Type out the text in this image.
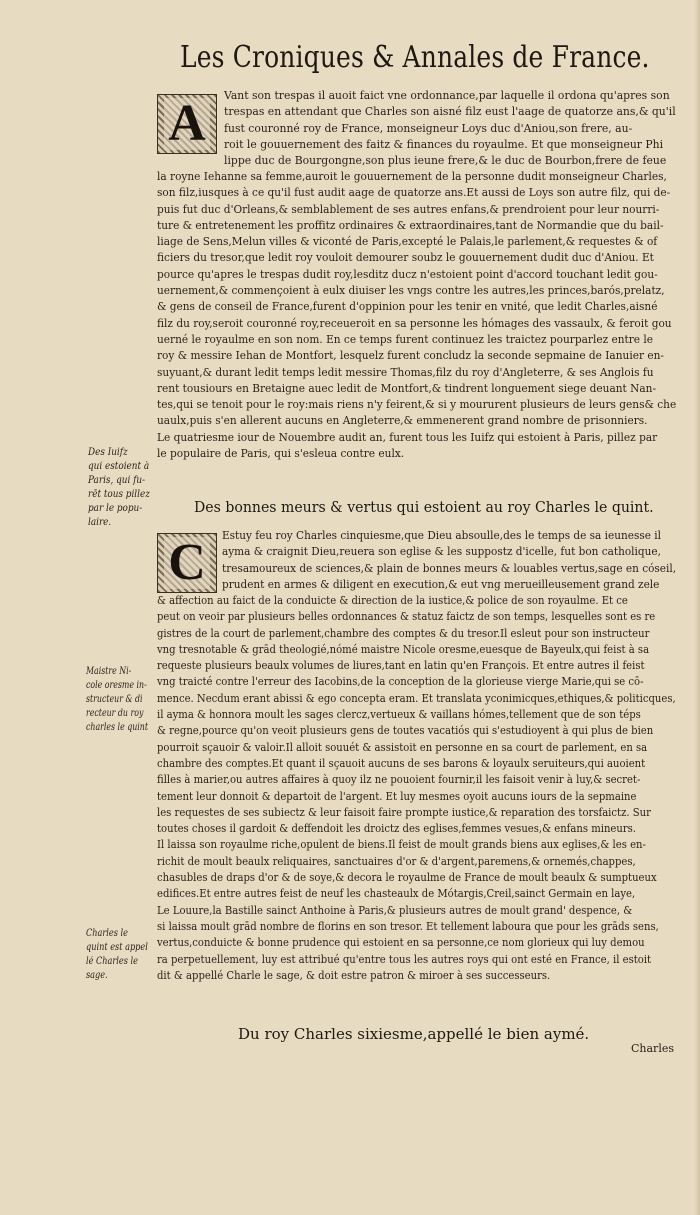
Les Croniques & Annales de France.
A	Vant son trespas il auoit faict vne ordonnance,par laquelle il ordona qu'apres son
trespas en attendant que Charles son aisné filz eust l'aage de quatorze ans,& qu'il
fust couronné roy de France, monseigneur Loys duc d'Aniou,son frere, au-
roit le gouuernement des faitz & finances du royaulme. Et que monseigneur Phi
lippe duc de Bourgongne,son plus ieune frere,& le duc de Bourbon,frere de feue
la royne Iehanne sa femme,auroit le gouuernement de la personne dudit monseigneur Charles,
son filz,iusques à ce qu'il fust audit aage de quatorze ans.Et aussi de Loys son autre filz, qui de-
puis fut duc d'Orleans,& semblablement de ses autres enfans,& prendroient pour leur nourri-
ture & entretenement les proffitz ordinaires & extraordinaires,tant de Normandie que du bail-
liage de Sens,Melun villes & viconté de Paris,excepté le Palais,le parlement,& requestes & of
ficiers du tresor,que ledit roy vouloit demourer soubz le gouuernement dudit duc d'Aniou. Et
pource qu'apres le trespas dudit roy,lesditz ducz n'estoient point d'accord touchant ledit gou-
uernement,& commençoient à eulx diuiser les vngs contre les autres,les princes,barós,prelatz,
& gens de conseil de France,furent d'oppinion pour les tenir en vnité, que ledit Charles,aisné
filz du roy,seroit couronné roy,receueroit en sa personne les hómages des vassaulx, & feroit gou
uerné le royaulme en son nom. En ce temps furent continuez les traictez pourparlez entre le
roy & messire Iehan de Montfort, lesquelz furent concludz la seconde sepmaine de Ianuier en-
suyuant,& durant ledit temps ledit messire Thomas,filz du roy d'Angleterre, & ses Anglois fu
rent tousiours en Bretaigne auec ledit de Montfort,& tindrent longuement siege deuant Nan-
tes,qui se tenoit pour le roy:mais riens n'y feirent,& si y moururent plusieurs de leurs gens& che
uaulx,puis s'en allerent aucuns en Angleterre,& emmenerent grand nombre de prisonniers.
Le quatriesme iour de Nouembre audit an, furent tous les Iuifz qui estoient à Paris, pillez par
le populaire de Paris, qui s'esleua contre eulx.
Des bonnes meurs & vertus qui estoient au roy Charles le quint.
C	Estuy feu roy Charles cinquiesme,que Dieu absoulle,des le temps de sa ieunesse il
ayma & craignit Dieu,reuera son eglise & les suppostz d'icelle, fut bon catholique,
tresamoureux de sciences,& plain de bonnes meurs & louables vertus,sage en cóseil,
prudent en armes & diligent en execution,& eut vng merueilleusement grand zele
& affection au faict de la conduicte & direction de la iustice,& police de son royaulme. Et ce
peut on veoir par plusieurs belles ordonnances & statuz faictz de son temps, lesquelles sont es re
gistres de la court de parlement,chambre des comptes & du tresor.Il esleut pour son instructeur
vng tresnotable & grād theologié,nómé maistre Nicole oresme,euesque de Bayeulx,qui feist à sa
requeste plusieurs beaulx volumes de liures,tant en latin qu'en François. Et entre autres il feist
vng traicté contre l'erreur des Iacobins,de la conception de la glorieuse vierge Marie,qui se cō-
mence. Necdum erant abissi & ego concepta eram. Et translata yconimicques,ethiques,& politicques,
il ayma & honnora moult les sages clercz,vertueux & vaillans hómes,tellement que de son téps
& regne,pource qu'on veoit plusieurs gens de toutes vacatiós qui s'estudioyent à qui plus de bien
pourroit sçauoir & valoir.Il alloit souuét & assistoit en personne en sa court de parlement, en sa
chambre des comptes.Et quant il sçauoit aucuns de ses barons & loyaulx seruiteurs,qui auoient
filles à marier,ou autres affaires à quoy ilz ne pouoient fournir,il les faisoit venir à luy,& secret-
tement leur donnoit & departoit de l'argent. Et luy mesmes oyoit aucuns iours de la sepmaine
les requestes de ses subiectz & leur faisoit faire prompte iustice,& reparation des torsfaictz. Sur
toutes choses il gardoit & deffendoit les droictz des eglises,femmes vesues,& enfans mineurs.
Il laissa son royaulme riche,opulent de biens.Il feist de moult grands biens aux eglises,& les en-
richit de moult beaulx reliquaires, sanctuaires d'or & d'argent,paremens,& ornemés,chappes,
chasubles de draps d'or & de soye,& decora le royaulme de France de moult beaulx & sumptueux
edifices.Et entre autres feist de neuf les chasteaulx de Mótargis,Creil,sainct Germain en laye,
Le Louure,la Bastille sainct Anthoine à Paris,& plusieurs autres de moult grand' despence, &
si laissa moult grād nombre de florins en son tresor. Et tellement laboura que pour les grāds sens,
vertus,conduicte & bonne prudence qui estoient en sa personne,ce nom glorieux qui luy demou
ra perpetuellement, luy est attribué qu'entre tous les autres roys qui ont esté en France, il estoit
dit & appellé Charle le sage, & doit estre patron & miroer à ses successeurs.
Du roy Charles sixiesme,appellé le bien aymé.
Charles
Des Iuifz
qui estoient à
Paris, qui fu-
rēt tous pillez
par le popu-
laire.
Maistre Ni-
cole oresme in-
structeur & di
recteur du roy
charles le quint
Charles le
quint est appel
lé Charles le
sage.
